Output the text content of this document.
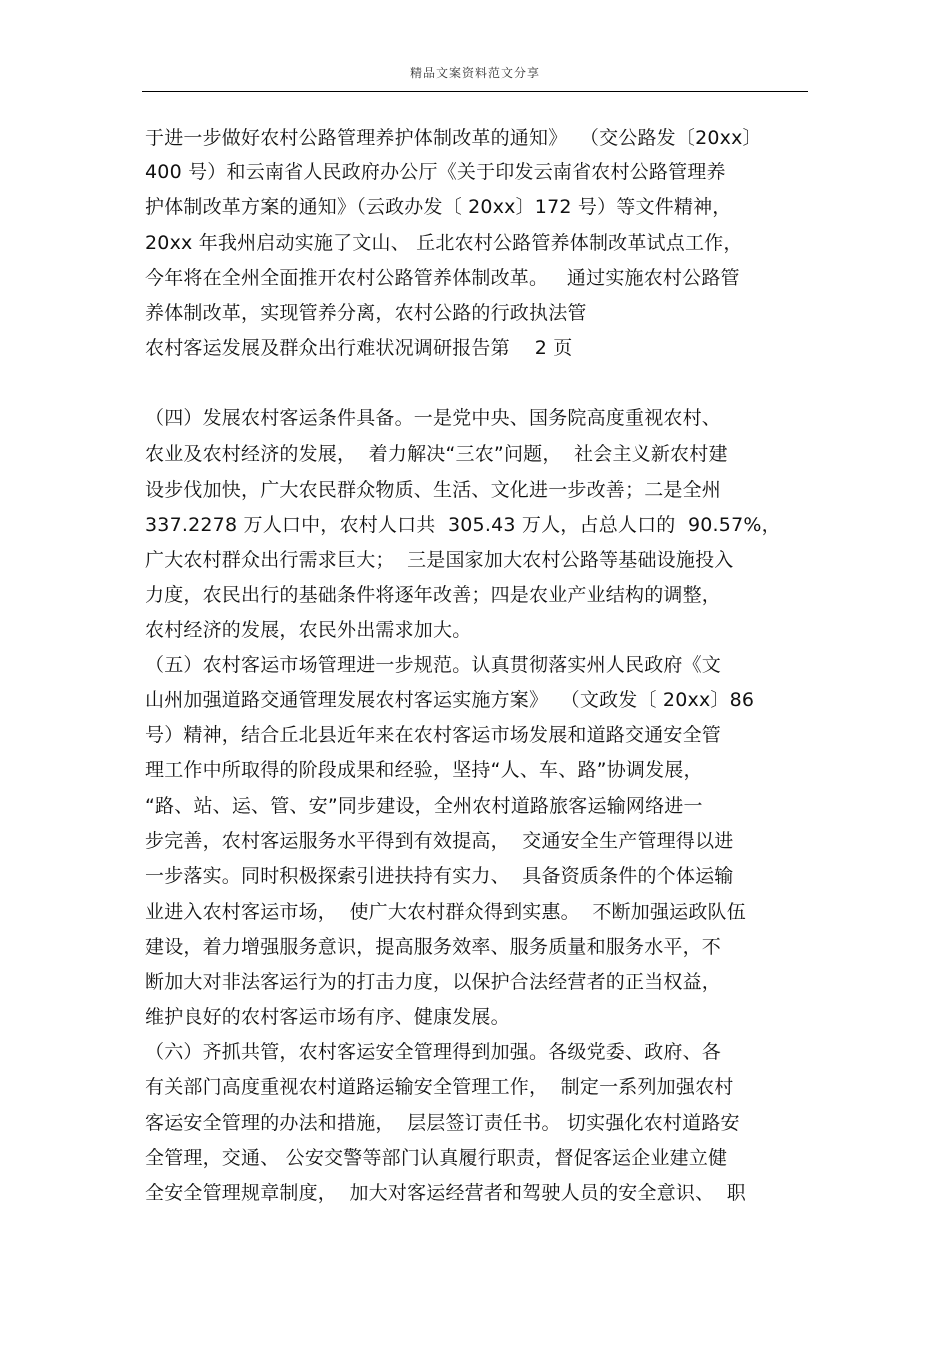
精品文案资料范文分享
于进一步做好农村公路管理养护体制改革的通知》  （交公路发〔20xx〕
400 号）和云南省人民政府办公厅《关于印发云南省农村公路管理养
护体制改革方案的通知》（云政办发〔 20xx〕172 号）等文件精神，
20xx 年我州启动实施了文山、 丘北农村公路管养体制改革试点工作，
今年将在全州全面推开农村公路管养体制改革。   通过实施农村公路管
养体制改革，实现管养分离，农村公路的行政执法管
农村客运发展及群众出行难状况调研报告第    2 页
（四）发展农村客运条件具备。一是党中央、国务院高度重视农村、
农业及农村经济的发展，  着力解决“三农”问题，  社会主义新农村建
设步伐加快，广大农民群众物质、生活、文化进一步改善；二是全州
337.2278 万人口中，农村人口共  305.43 万人，占总人口的  90.57%，
广大农村群众出行需求巨大；  三是国家加大农村公路等基础设施投入
力度，农民出行的基础条件将逐年改善；四是农业产业结构的调整，
农村经济的发展，农民外出需求加大。
（五）农村客运市场管理进一步规范。认真贯彻落实州人民政府《文
山州加强道路交通管理发展农村客运实施方案》  （文政发〔 20xx〕86
号）精神，结合丘北县近年来在农村客运市场发展和道路交通安全管
理工作中所取得的阶段成果和经验，坚持“人、车、路”协调发展，
“路、站、运、管、安”同步建设，全州农村道路旅客运输网络进一
步完善，农村客运服务水平得到有效提高，  交通安全生产管理得以进
一步落实。同时积极探索引进扶持有实力、  具备资质条件的个体运输
业进入农村客运市场，  使广大农村群众得到实惠。  不断加强运政队伍
建设，着力增强服务意识，提高服务效率、服务质量和服务水平，不
断加大对非法客运行为的打击力度，以保护合法经营者的正当权益，
维护良好的农村客运市场有序、健康发展。
（六）齐抓共管，农村客运安全管理得到加强。各级党委、政府、各
有关部门高度重视农村道路运输安全管理工作，  制定一系列加强农村
客运安全管理的办法和措施，  层层签订责任书。 切实强化农村道路安
全管理，交通、 公安交警等部门认真履行职责，督促客运企业建立健
全安全管理规章制度，  加大对客运经营者和驾驶人员的安全意识、  职
